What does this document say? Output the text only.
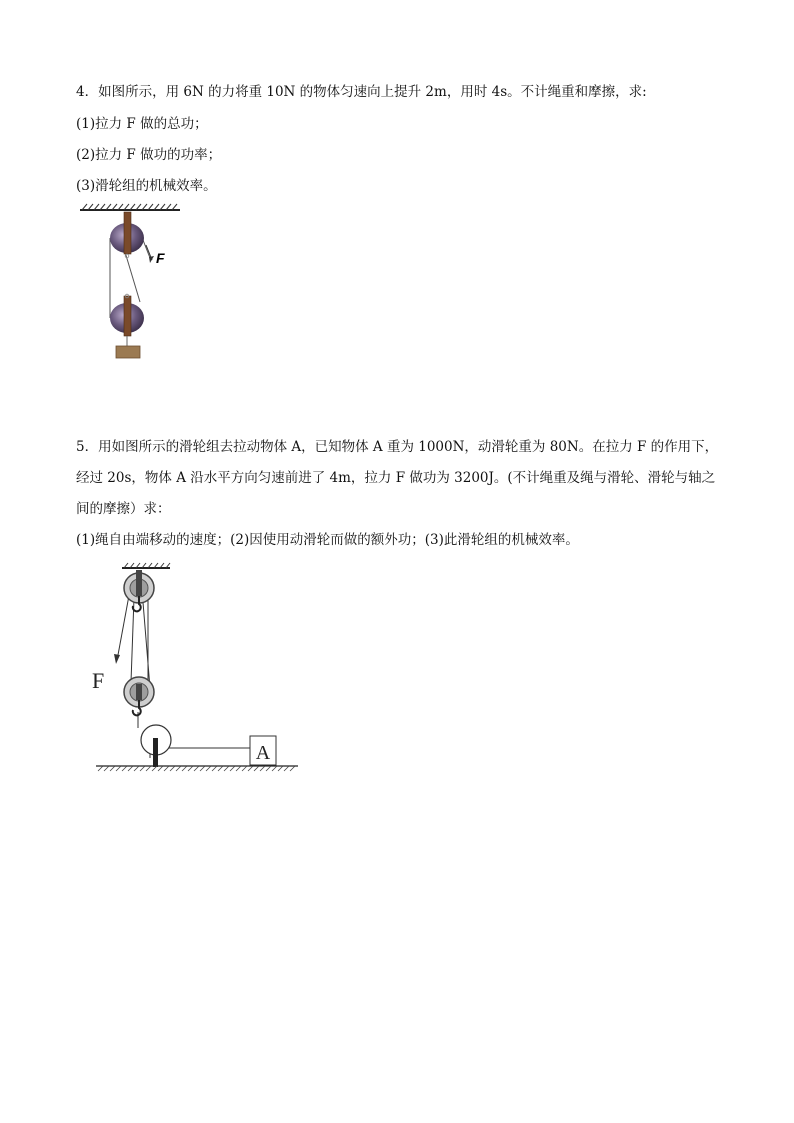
4．如图所示，用 6N 的力将重 10N 的物体匀速向上提升 2m，用时 4s。不计绳重和摩擦，求:
(1)拉力 F 做的总功；
(2)拉力 F 做功的功率；
(3)滑轮组的机械效率。
F
5．用如图所示的滑轮组去拉动物体 A，已知物体 A 重为 1000N，动滑轮重为 80N。在拉力 F 的作用下，
经过 20s，物体 A 沿水平方向匀速前进了 4m，拉力 F 做功为 3200J。(不计绳重及绳与滑轮、滑轮与轴之
间的摩擦）求：
(1)绳自由端移动的速度；(2)因使用动滑轮而做的额外功；(3)此滑轮组的机械效率。
F
A
